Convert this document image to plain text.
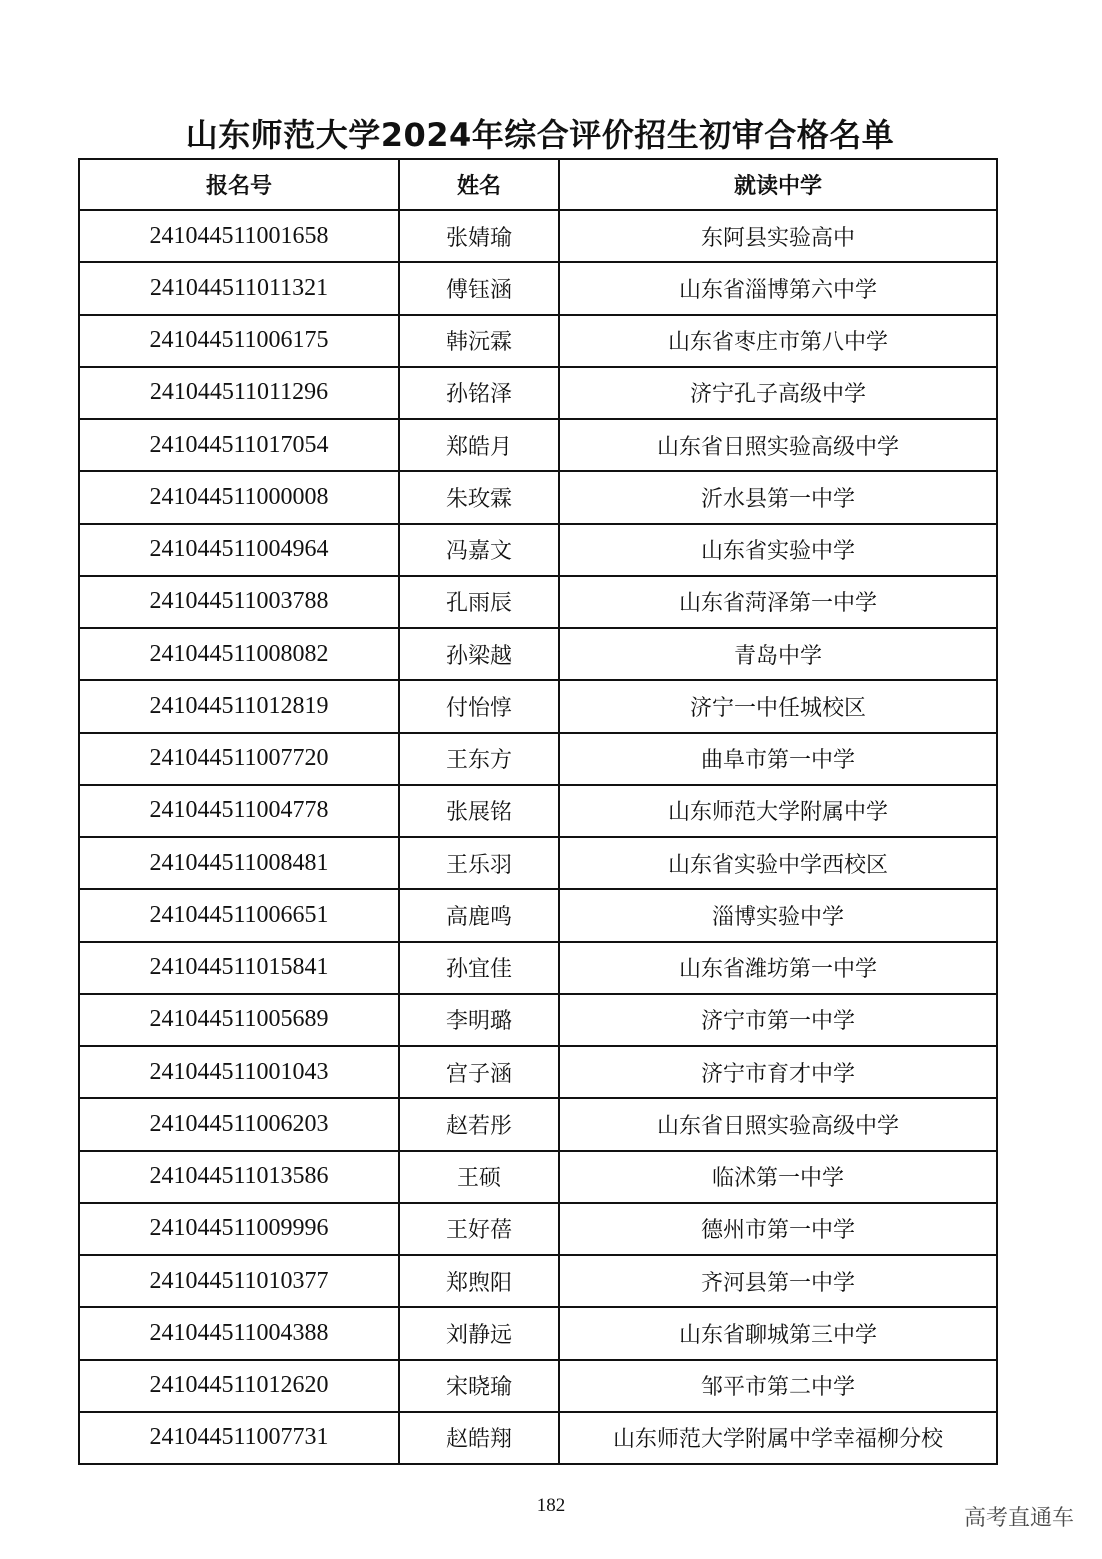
山东师范大学2024年综合评价招生初审合格名单
报名号	姓名	就读中学
241044511001658	张婧瑜	东阿县实验高中
241044511011321	傅钰涵	山东省淄博第六中学
241044511006175	韩沅霖	山东省枣庄市第八中学
241044511011296	孙铭泽	济宁孔子高级中学
241044511017054	郑皓月	山东省日照实验高级中学
241044511000008	朱玫霖	沂水县第一中学
241044511004964	冯嘉文	山东省实验中学
241044511003788	孔雨辰	山东省菏泽第一中学
241044511008082	孙梁越	青岛中学
241044511012819	付怡惇	济宁一中任城校区
241044511007720	王东方	曲阜市第一中学
241044511004778	张展铭	山东师范大学附属中学
241044511008481	王乐羽	山东省实验中学西校区
241044511006651	高鹿鸣	淄博实验中学
241044511015841	孙宜佳	山东省潍坊第一中学
241044511005689	李明璐	济宁市第一中学
241044511001043	宫子涵	济宁市育才中学
241044511006203	赵若彤	山东省日照实验高级中学
241044511013586	王硕	临沭第一中学
241044511009996	王好蓓	德州市第一中学
241044511010377	郑煦阳	齐河县第一中学
241044511004388	刘静远	山东省聊城第三中学
241044511012620	宋晓瑜	邹平市第二中学
241044511007731	赵皓翔	山东师范大学附属中学幸福柳分校
182
高考直通车
